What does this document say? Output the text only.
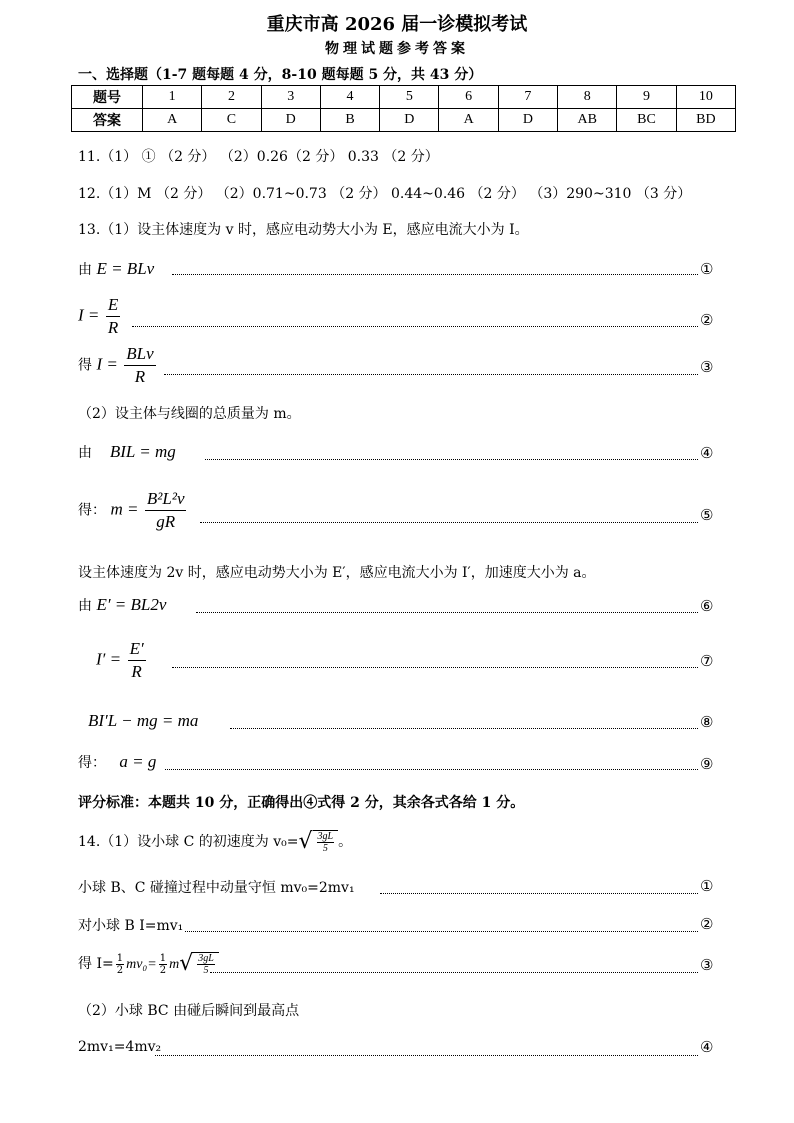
重庆市高 2026 届一诊模拟考试
物理试题参考答案
一、选择题（1-7 题每题 4 分，8-10 题每题 5 分，共 43 分）
题号	1	2	3	4	5	6	7	8	9	10
答案	A	C	D	B	D	A	D	AB	BC	BD
11.（1） ① （2 分） （2）0.26（2 分） 0.33 （2 分）
12.（1）M （2 分） （2）0.71~0.73 （2 分） 0.44~0.46 （2 分） （3）290~310 （3 分）
13.（1）设主体速度为 v 时，感应电动势大小为 E，感应电流大小为 I。
由 E = BLv	①
$I = \frac{E}{R}$	②
得 $I = \frac{\text{BLv}}{R}$	③
（2）设主体与线圈的总质量为 m。
由 BIL = mg	④
得： $m = \frac{\text{B²L²v}}{gR}$	⑤
设主体速度为 2v 时，感应电动势大小为 E′，感应电流大小为 I′，加速度大小为 a。
由 E′ = BL2v	⑥
$I' = \frac{E'}{R}$	⑦
BI′L − mg = ma	⑧
得： a = g	⑨
评分标准：本题共 10 分，正确得出④式得 2 分，其余各式各给 1 分。
14.（1）设小球 C 的初速度为 v₀= √ $\frac{3gL}{5}$ 。
小球 B、C 碰撞过程中动量守恒 mv₀=2mv₁	①
对小球 B I=mv₁	②
得 $I= \frac{1}{2} mv_0= \frac{1}{2}$ m √ $\frac{3gL}{5}$	③
（2）小球 BC 由碰后瞬间到最高点
2mv₁=4mv₂	④
